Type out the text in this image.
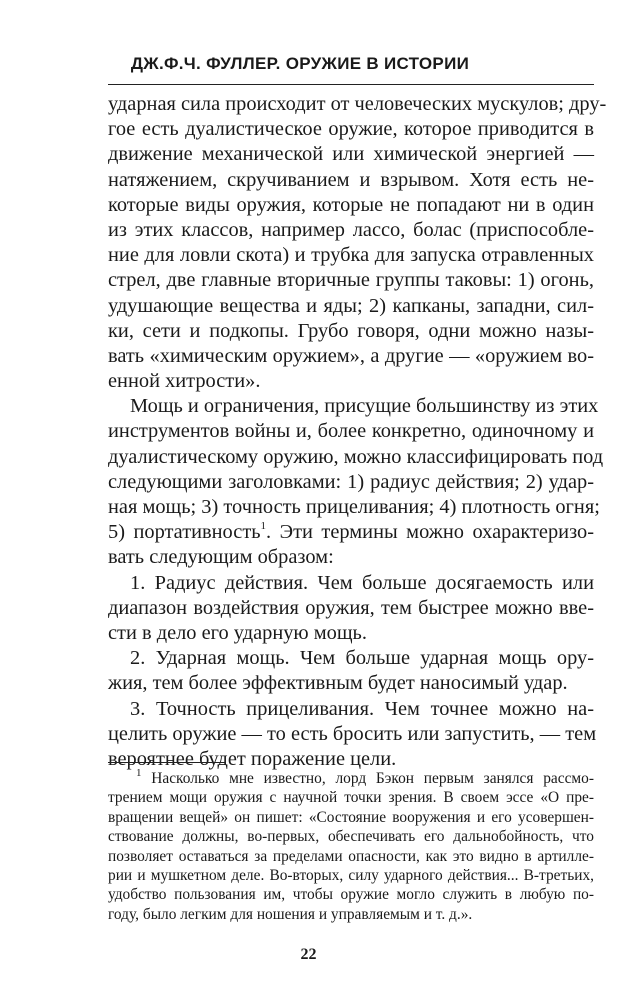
ДЖ.Ф.Ч. ФУЛЛЕР. ОРУЖИЕ В ИСТОРИИ
ударная сила происходит от человеческих мускулов; дру-
гое есть дуалистическое оружие, которое приводится в
движение механической или химической энергией —
натяжением, скручиванием и взрывом. Хотя есть не-
которые виды оружия, которые не попадают ни в один
из этих классов, например лассо, болас (приспособле-
ние для ловли скота) и трубка для запуска отравленных
стрел, две главные вторичные группы таковы: 1) огонь,
удушающие вещества и яды; 2) капканы, западни, сил-
ки, сети и подкопы. Грубо говоря, одни можно назы-
вать «химическим оружием», а другие — «оружием во-
енной хитрости».
Мощь и ограничения, присущие большинству из этих
инструментов войны и, более конкретно, одиночному и
дуалистическому оружию, можно классифицировать под
следующими заголовками: 1) радиус действия; 2) удар-
ная мощь; 3) точность прицеливания; 4) плотность огня;
5) портативность$^1$. Эти термины можно охарактеризо-
вать следующим образом:
1. Радиус действия. Чем больше досягаемость или
диапазон воздействия оружия, тем быстрее можно вве-
сти в дело его ударную мощь.
2. Ударная мощь. Чем больше ударная мощь ору-
жия, тем более эффективным будет наносимый удар.
3. Точность прицеливания. Чем точнее можно на-
целить оружие — то есть бросить или запустить, — тем
вероятнее будет поражение цели.
$^1$ Насколько мне известно, лорд Бэкон первым занялся рассмо-
трением мощи оружия с научной точки зрения. В своем эссе «О пре-
вращении вещей» он пишет: «Состояние вооружения и его усовершен-
ствование должны, во-первых, обеспечивать его дальнобойность, что
позволяет оставаться за пределами опасности, как это видно в артилле-
рии и мушкетном деле. Во-вторых, силу ударного действия... В-третьих,
удобство пользования им, чтобы оружие могло служить в любую по-
году, было легким для ношения и управляемым и т. д.».
22
